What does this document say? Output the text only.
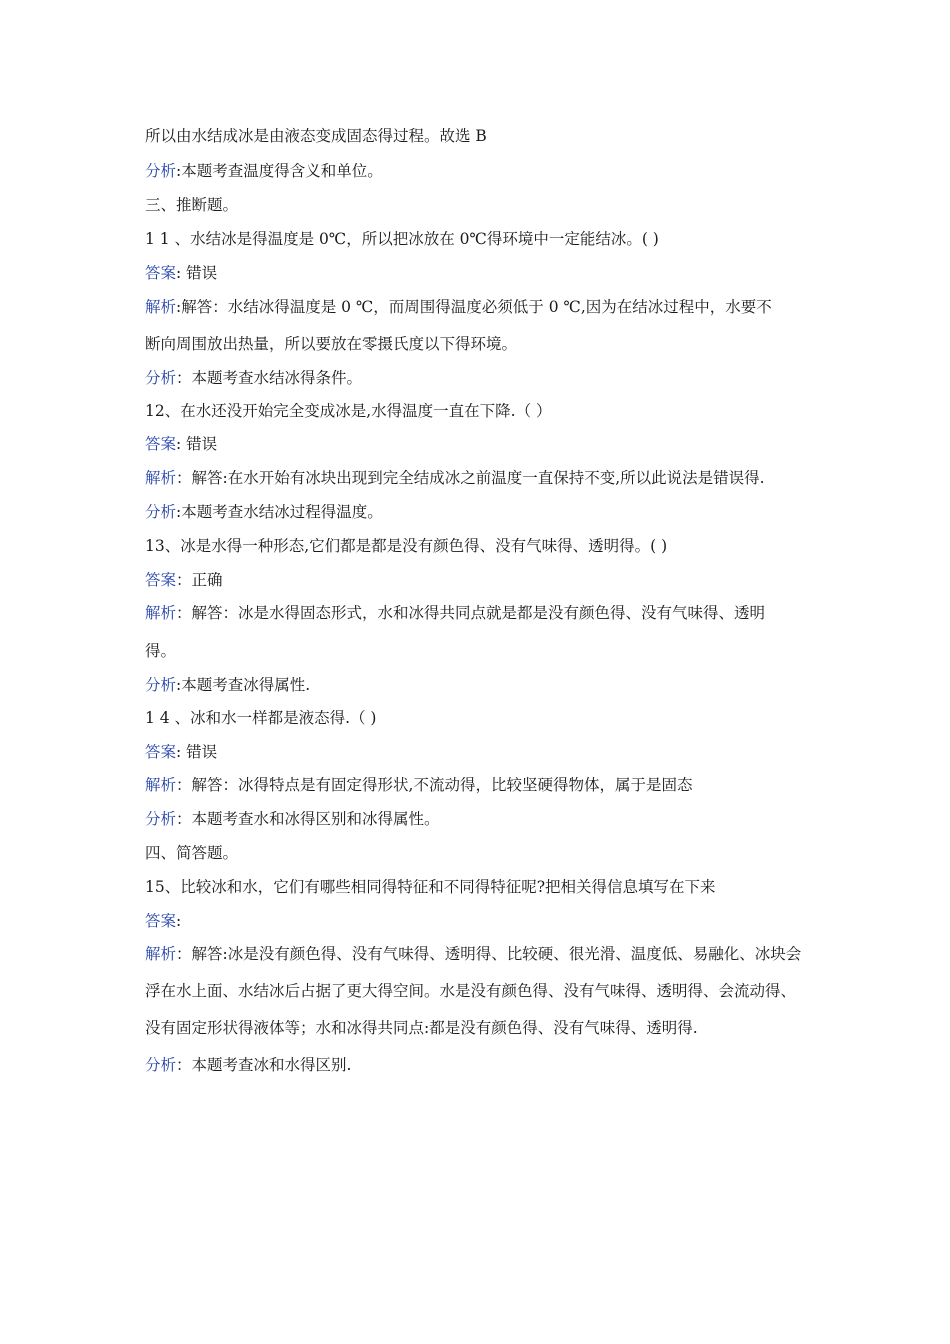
所以由水结成冰是由液态变成固态得过程。故选 B
分析:本题考查温度得含义和单位。
三、推断题。
1 1 、水结冰是得温度是 0℃，所以把冰放在 0℃得环境中一定能结冰。( )
答案: 错误
解析:解答：水结冰得温度是 0 ℃，而周围得温度必须低于 0 ℃,因为在结冰过程中，水要不
断向周围放出热量，所以要放在零摄氏度以下得环境。
分析：本题考查水结冰得条件。
12、在水还没开始完全变成冰是,水得温度一直在下降.（ ）
答案: 错误
解析：解答:在水开始有冰块出现到完全结成冰之前温度一直保持不变,所以此说法是错误得.
分析:本题考查水结冰过程得温度。
13、冰是水得一种形态,它们都是都是没有颜色得、没有气味得、透明得。( )
答案：正确
解析：解答：冰是水得固态形式，水和冰得共同点就是都是没有颜色得、没有气味得、透明
得。
分析:本题考查冰得属性.
1 4 、冰和水一样都是液态得.（ )
答案: 错误
解析：解答：冰得特点是有固定得形状,不流动得，比较坚硬得物体，属于是固态
分析：本题考查水和冰得区别和冰得属性。
四、简答题。
15、比较冰和水，它们有哪些相同得特征和不同得特征呢?把相关得信息填写在下来
答案:
解析：解答:冰是没有颜色得、没有气味得、透明得、比较硬、很光滑、温度低、易融化、冰块会
浮在水上面、水结冰后占据了更大得空间。水是没有颜色得、没有气味得、透明得、会流动得、
没有固定形状得液体等；水和冰得共同点:都是没有颜色得、没有气味得、透明得.
分析：本题考查冰和水得区别.
